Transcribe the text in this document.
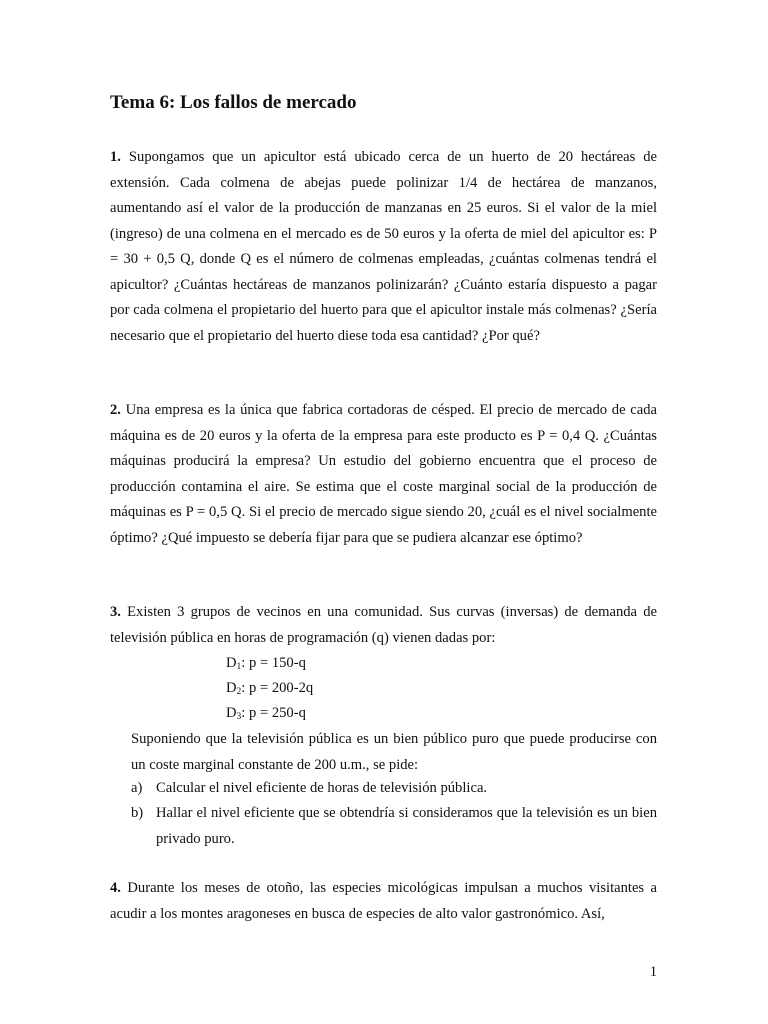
Tema 6: Los fallos de mercado

1. Supongamos que un apicultor está ubicado cerca de un huerto de 20 hectáreas de extensión. Cada colmena de abejas puede polinizar 1/4 de hectárea de manzanos, aumentando así el valor de la producción de manzanas en 25 euros. Si el valor de la miel (ingreso) de una colmena en el mercado es de 50 euros y la oferta de miel del apicultor es: P = 30 + 0,5 Q, donde Q es el número de colmenas empleadas, ¿cuántas colmenas tendrá el apicultor? ¿Cuántas hectáreas de manzanos polinizarán? ¿Cuánto estaría dispuesto a pagar por cada colmena el propietario del huerto para que el apicultor instale más colmenas? ¿Sería necesario que el propietario del huerto diese toda esa cantidad? ¿Por qué?

2. Una empresa es la única que fabrica cortadoras de césped. El precio de mercado de cada máquina es de 20 euros y la oferta de la empresa para este producto es P = 0,4 Q. ¿Cuántas máquinas producirá la empresa? Un estudio del gobierno encuentra que el proceso de producción contamina el aire. Se estima que el coste marginal social de la producción de máquinas es P = 0,5 Q. Si el precio de mercado sigue siendo 20, ¿cuál es el nivel socialmente óptimo? ¿Qué impuesto se debería fijar para que se pudiera alcanzar ese óptimo?

3. Existen 3 grupos de vecinos en una comunidad. Sus curvas (inversas) de demanda de televisión pública en horas de programación (q) vienen dadas por:

$D_1$: p = 150-q

$D_2$: p = 200-2q

$D_3$: p = 250-q

Suponiendo que la televisión pública es un bien público puro que puede producirse con un coste marginal constante de 200 u.m., se pide:

a) Calcular el nivel eficiente de horas de televisión pública.

b) Hallar el nivel eficiente que se obtendría si consideramos que la televisión es un bien privado puro.

4. Durante los meses de otoño, las especies micológicas impulsan a muchos visitantes a acudir a los montes aragoneses en busca de especies de alto valor gastronómico. Así,

1
